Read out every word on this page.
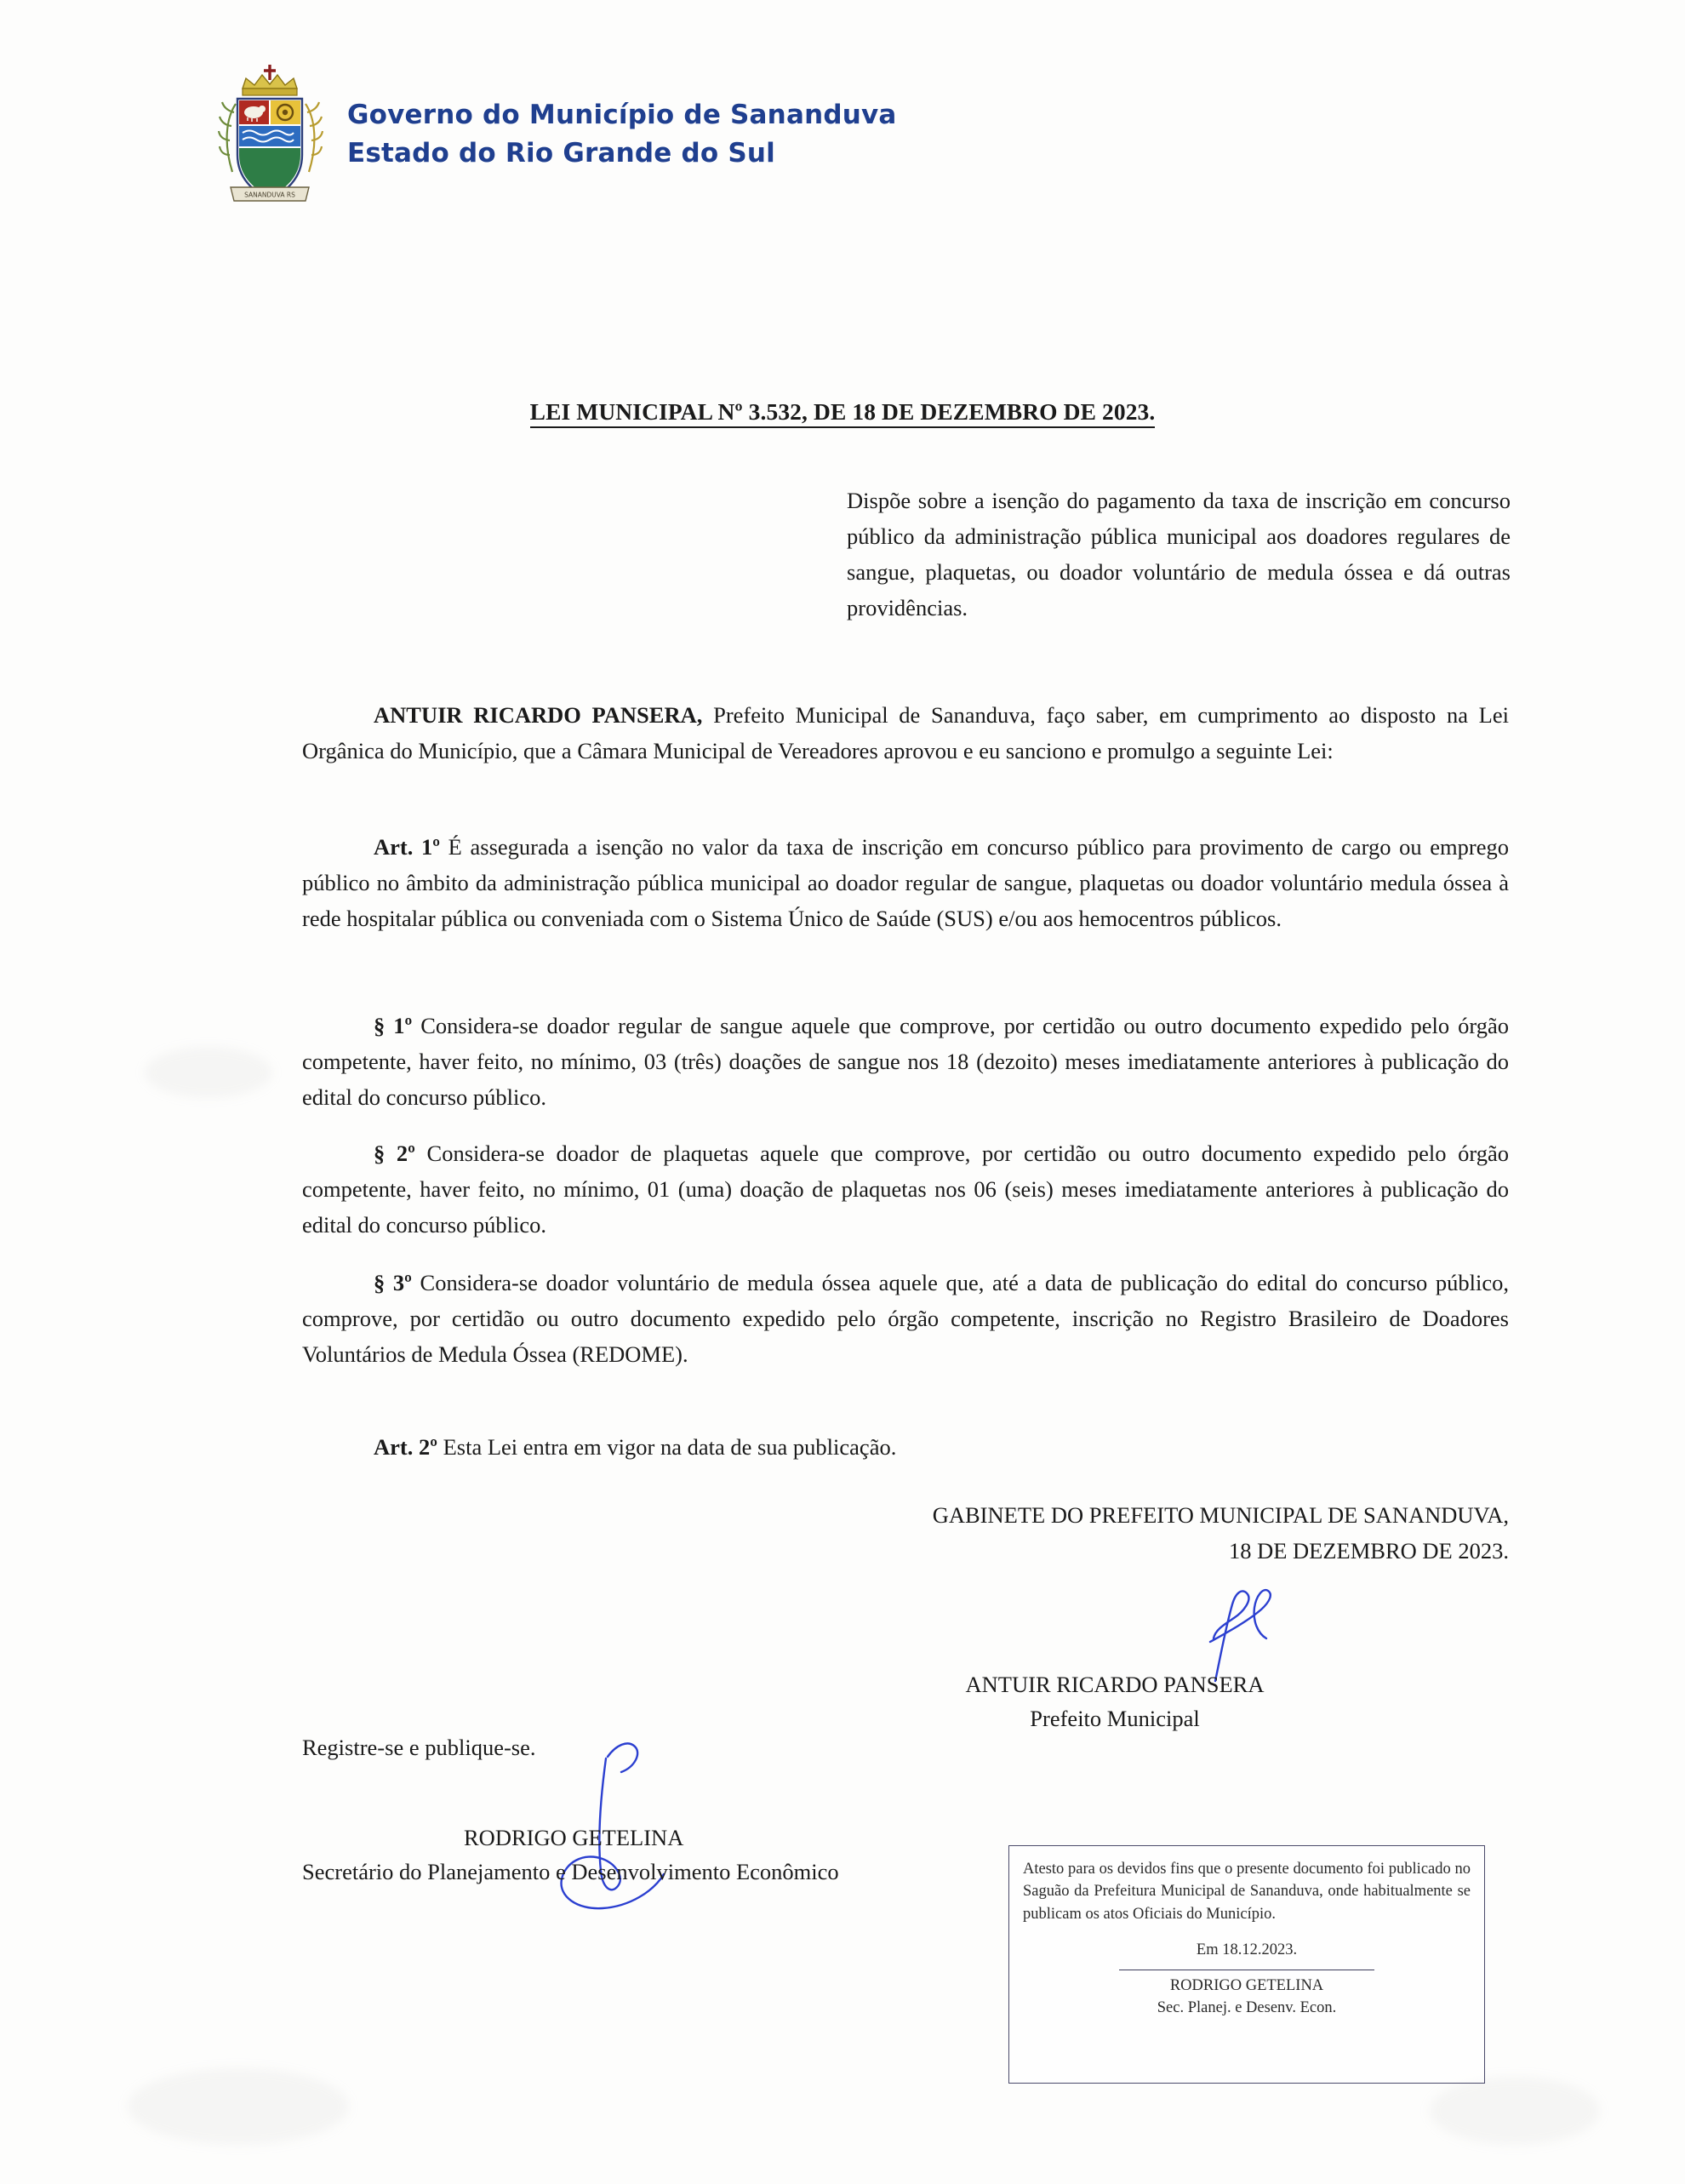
SANANDUVA RS
Governo do Município de Sananduva
Estado do Rio Grande do Sul
LEI MUNICIPAL Nº 3.532, DE 18 DE DEZEMBRO DE 2023.
Dispõe sobre a isenção do pagamento da taxa de inscrição em concurso público da administração pública municipal aos doadores regulares de sangue, plaquetas, ou doador voluntário de medula óssea e dá outras providências.

ANTUIR RICARDO PANSERA, Prefeito Municipal de Sananduva, faço saber, em cumprimento ao disposto na Lei Orgânica do Município, que a Câmara Municipal de Vereadores aprovou e eu sanciono e promulgo a seguinte Lei:

Art. 1º É assegurada a isenção no valor da taxa de inscrição em concurso público para provimento de cargo ou emprego público no âmbito da administração pública municipal ao doador regular de sangue, plaquetas ou doador voluntário medula óssea à rede hospitalar pública ou conveniada com o Sistema Único de Saúde (SUS) e/ou aos hemocentros públicos.

§ 1º Considera-se doador regular de sangue aquele que comprove, por certidão ou outro documento expedido pelo órgão competente, haver feito, no mínimo, 03 (três) doações de sangue nos 18 (dezoito) meses imediatamente anteriores à publicação do edital do concurso público.

§ 2º Considera-se doador de plaquetas aquele que comprove, por certidão ou outro documento expedido pelo órgão competente, haver feito, no mínimo, 01 (uma) doação de plaquetas nos 06 (seis) meses imediatamente anteriores à publicação do edital do concurso público.

§ 3º Considera-se doador voluntário de medula óssea aquele que, até a data de publicação do edital do concurso público, comprove, por certidão ou outro documento expedido pelo órgão competente, inscrição no Registro Brasileiro de Doadores Voluntários de Medula Óssea (REDOME).

Art. 2º Esta Lei entra em vigor na data de sua publicação.

GABINETE DO PREFEITO MUNICIPAL DE SANANDUVA,
18 DE DEZEMBRO DE 2023.
ANTUIR RICARDO PANSERA
Prefeito Municipal
Registre-se e publique-se.
RODRIGO GETELINA
Secretário do Planejamento e Desenvolvimento Econômico	Atesto para os devidos fins que o presente documento foi publicado no Saguão da Prefeitura Municipal de Sananduva, onde habitualmente se publicam os atos Oficiais do Município.
Em 18.12.2023.
RODRIGO GETELINA
Sec. Planej. e Desenv. Econ.
